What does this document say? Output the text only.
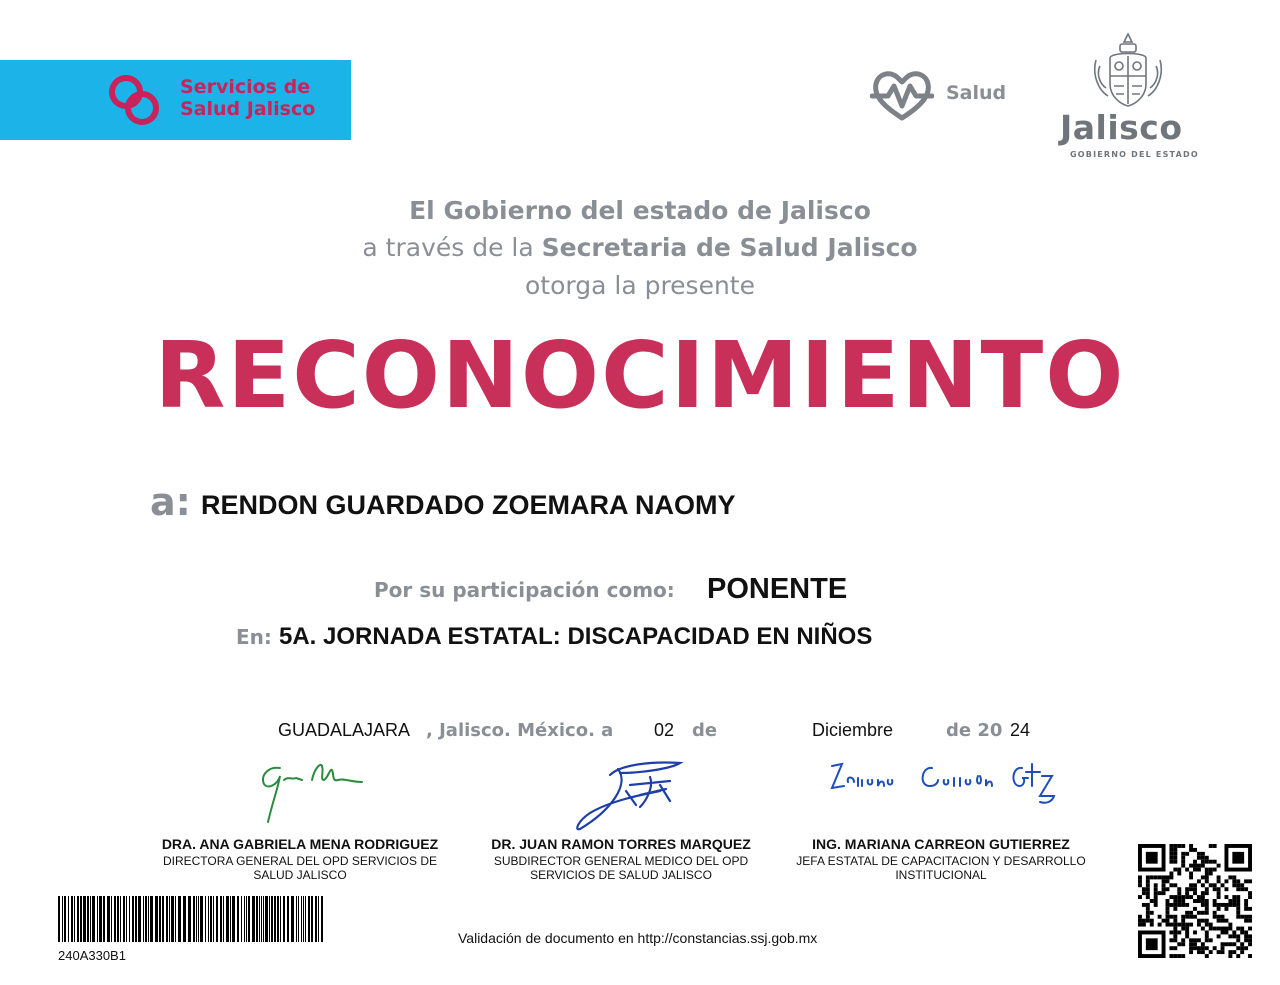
Servicios de
Salud Jalisco
Salud
Jalisco
GOBIERNO DEL ESTADO
El Gobierno del estado de Jalisco
a través de la Secretaria de Salud Jalisco
otorga la presente
RECONOCIMIENTO
a: RENDON GUARDADO ZOEMARA NAOMY
Por su participación como: PONENTE
En: 5A. JORNADA ESTATAL: DISCAPACIDAD EN NIÑOS
GUADALAJARA , Jalisco. México. a 02 de	Diciembre	de 20 24
DRA. ANA GABRIELA MENA RODRIGUEZ
DIRECTORA GENERAL DEL OPD SERVICIOS DE SALUD JALISCO
DR. JUAN RAMON TORRES MARQUEZ
SUBDIRECTOR GENERAL MEDICO DEL OPD SERVICIOS DE SALUD JALISCO
ING. MARIANA CARREON GUTIERREZ
JEFA ESTATAL DE CAPACITACION Y DESARROLLO INSTITUCIONAL
240A330B1
Validación de documento en http://constancias.ssj.gob.mx
